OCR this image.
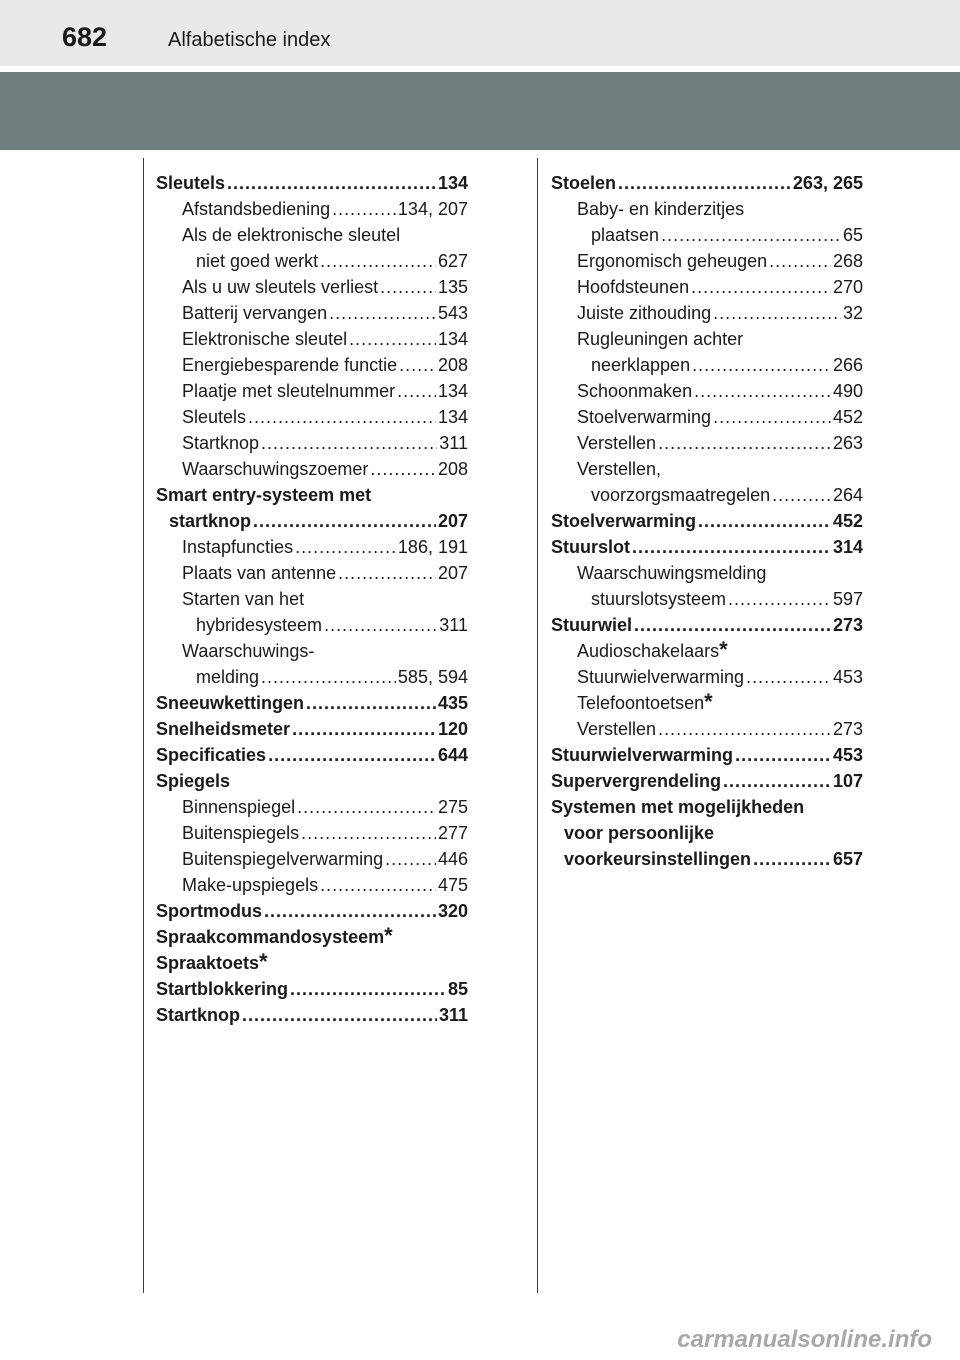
682	Alfabetische index
Sleutels .....	134
Afstandsbediening .....	134, 207
Als de elektronische sleutel
niet goed werkt .....	627
Als u uw sleutels verliest .....	135
Batterij vervangen .....	543
Elektronische sleutel .....	134
Energiebesparende functie ..... 208
Plaatje met sleutelnummer ..... 134
Sleutels .....	134
Startknop .....	311
Waarschuwingszoemer .....	208
Smart entry-systeem met
startknop .....	207
Instapfuncties .....	186, 191
Plaats van antenne .....	207
Starten van het
hybridesysteem .....	311
Waarschuwings-
melding .....	585, 594
Sneeuwkettingen .....	435
Snelheidsmeter .....	120
Specificaties .....	644
Spiegels
Binnenspiegel .....	275
Buitenspiegels .....	277
Buitenspiegelverwarming .....	446
Make-upspiegels .....	475
Sportmodus .....	320
Spraakcommandosysteem *
Spraaktoets *
Startblokkering .....	85
Startknop .....	311
Stoelen .....	263, 265
Baby- en kinderzitjes
plaatsen .....	65
Ergonomisch geheugen .....	268
Hoofdsteunen .....	270
Juiste zithouding .....	32
Rugleuningen achter
neerklappen .....	266
Schoonmaken .....	490
Stoelverwarming .....	452
Verstellen .....	263
Verstellen,
voorzorgsmaatregelen .....	264
Stoelverwarming .....	452
Stuurslot .....	314
Waarschuwingsmelding
stuurslotsysteem .....	597
Stuurwiel .....	273
Audioschakelaars *
Stuurwielverwarming .....	453
Telefoontoetsen *
Verstellen .....	273
Stuurwielverwarming .....	453
Supervergrendeling .....	107
Systemen met mogelijkheden
voor persoonlijke
voorkeursinstellingen .....	657
carmanualsonline.info
